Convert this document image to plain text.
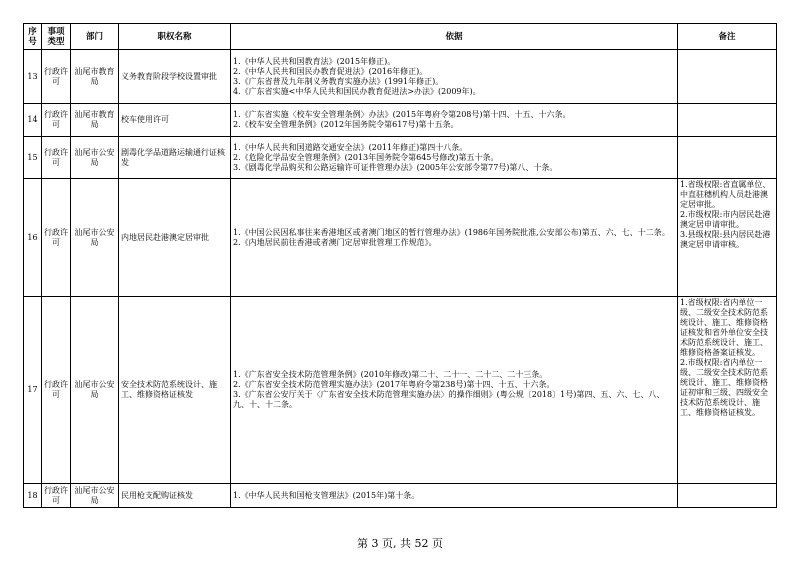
序号	事项类型	部门	职权名称	依据	备注
13	行政许可	汕尾市教育局	义务教育阶段学校设置审批	1.《中华人民共和国教育法》(2015年修正)。
2.《中华人民共和国民办教育促进法》(2016年修正)。
3.《广东省普及九年制义务教育实施办法》(1991年修正)。
4.《广东省实施<中华人民共和国民办教育促进法>办法》(2009年)。	

14	行政许可	汕尾市教育局	校车使用许可	1.《广东省实施〈校车安全管理条例〉办法》(2015年粤府令第208号)第十四、十五、十六条。
2.《校车安全管理条例》(2012年国务院令第617号)第十五条。	

15	行政许可	汕尾市公安局	剧毒化学品道路运输通行证核发	1.《中华人民共和国道路交通安全法》(2011年修正)第四十八条。
2.《危险化学品安全管理条例》(2013年国务院令第645号修改)第五十条。
3.《剧毒化学品购买和公路运输许可证件管理办法》(2005年公安部令第77号)第八、十条。	

16	行政许可	汕尾市公安局	内地居民赴港澳定居审批	1.《中国公民因私事往来香港地区或者澳门地区的暂行管理办法》(1986年国务院批准,公安部公布)第五、六、七、十二条。
2.《内地居民前往香港或者澳门定居审批管理工作规范》。	1.省级权限:省直属单位、中直驻穗机构人员赴港澳定居审批。
2.市级权限:市内居民赴港澳定居申请审批。
3.县级权限:县内居民赴港澳定居申请审核。

17	行政许可	汕尾市公安局	安全技术防范系统设计、施工、维修资格证核发	1.《广东省安全技术防范管理条例》(2010年修改)第二十、二十一、二十二、二十三条。
2.《广东省安全技术防范管理实施办法》(2017年粤府令第238号)第十四、十五、十六条。
3.《广东省公安厅关于〈广东省安全技术防范管理实施办法〉的操作细则》(粤公规〔2018〕1号)第四、五、六、七、八、九、十、十二条。	1.省级权限:省内单位一级、二级安全技术防范系统设计、施工、维修资格证核发和省外单位安全技术防范系统设计、施工、维修资格备案证核发。
2.市级权限:省内单位一级、二级安全技术防范系统设计、施工、维修资格证初审和三级、四级安全技术防范系统设计、施工、维修资格证核发。

18	行政许可	汕尾市公安局	民用枪支配购证核发	1.《中华人民共和国枪支管理法》(2015年)第十条。	

第 3 页, 共 52 页
